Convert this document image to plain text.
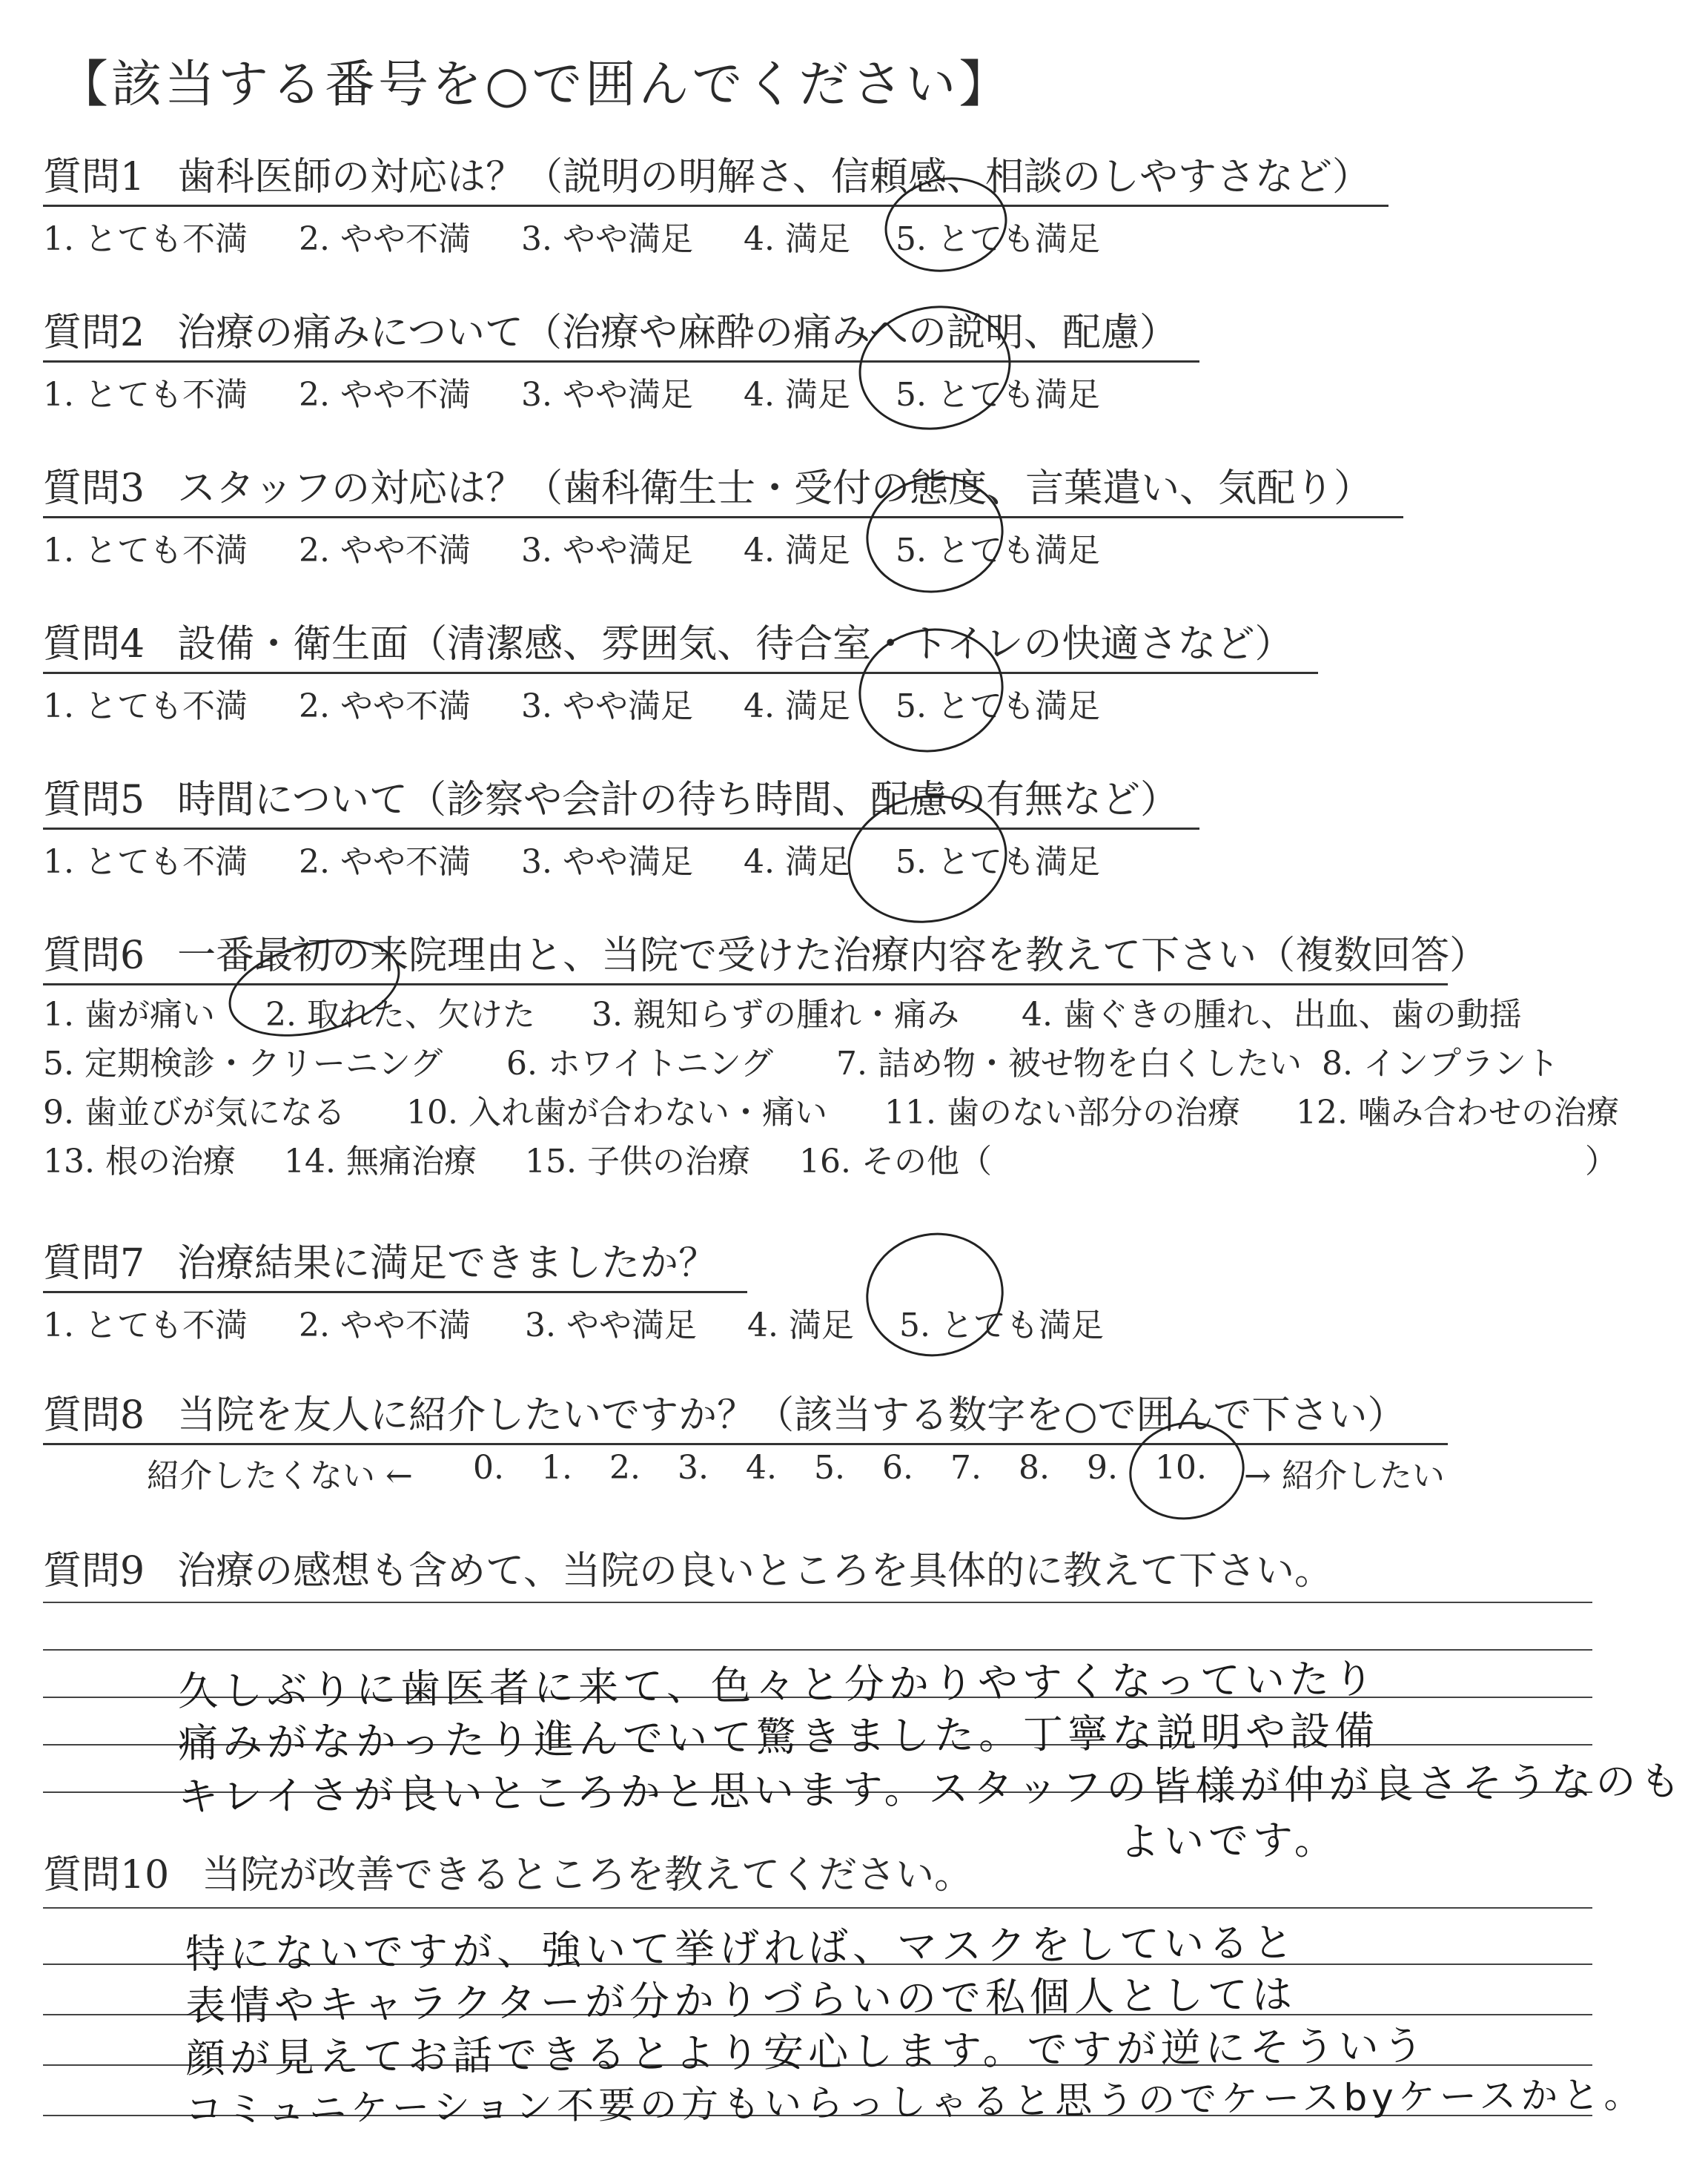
【該当する番号を○で囲んでください】
質問1 歯科医師の対応は？（説明の明解さ、信頼感、相談のしやすさなど）
1. とても不満 2. やや不満 3. やや満足 4. 満足 5. とても満足
質問2 治療の痛みについて（治療や麻酔の痛みへの説明、配慮）
1. とても不満 2. やや不満 3. やや満足 4. 満足 5. とても満足
質問3 スタッフの対応は？（歯科衛生士・受付の態度、言葉遣い、気配り）
1. とても不満 2. やや不満 3. やや満足 4. 満足 5. とても満足
質問4 設備・衛生面（清潔感、雰囲気、待合室・トイレの快適さなど）
1. とても不満 2. やや不満 3. やや満足 4. 満足 5. とても満足
質問5 時間について（診察や会計の待ち時間、配慮の有無など）
1. とても不満 2. やや不満 3. やや満足 4. 満足 5. とても満足
質問6 一番最初の来院理由と、当院で受けた治療内容を教えて下さい（複数回答）
1. 歯が痛い 2. 取れた、欠けた 3. 親知らずの腫れ・痛み 4. 歯ぐきの腫れ、出血、歯の動揺
5. 定期検診・クリーニング 6. ホワイトニング 7. 詰め物・被せ物を白くしたい 8. インプラント
9. 歯並びが気になる 10. 入れ歯が合わない・痛い 11. 歯のない部分の治療 12. 噛み合わせの治療
13. 根の治療 14. 無痛治療 15. 子供の治療 16. その他（	）
質問7 治療結果に満足できましたか？
1. とても不満 2. やや不満 3. やや満足 4. 満足 5. とても満足
質問8 当院を友人に紹介したいですか？（該当する数字を○で囲んで下さい）
紹介したくない ← 0. 1. 2. 3. 4. 5. 6. 7. 8. 9. 10. → 紹介したい
質問9 治療の感想も含めて、当院の良いところを具体的に教えて下さい。
久しぶりに歯医者に来て、色々と分かりやすくなっていたり
痛みがなかったり進んでいて驚きました。丁寧な説明や設備
キレイさが良いところかと思います。スタッフの皆様が仲が良さそうなのも
よいです。
質問10 当院が改善できるところを教えてください。
特にないですが、強いて挙げれば、マスクをしていると
表情やキャラクターが分かりづらいので私個人としては
顔が見えてお話できるとより安心します。ですが逆にそういう
コミュニケーション不要の方もいらっしゃると思うのでケースbyケースかと。
